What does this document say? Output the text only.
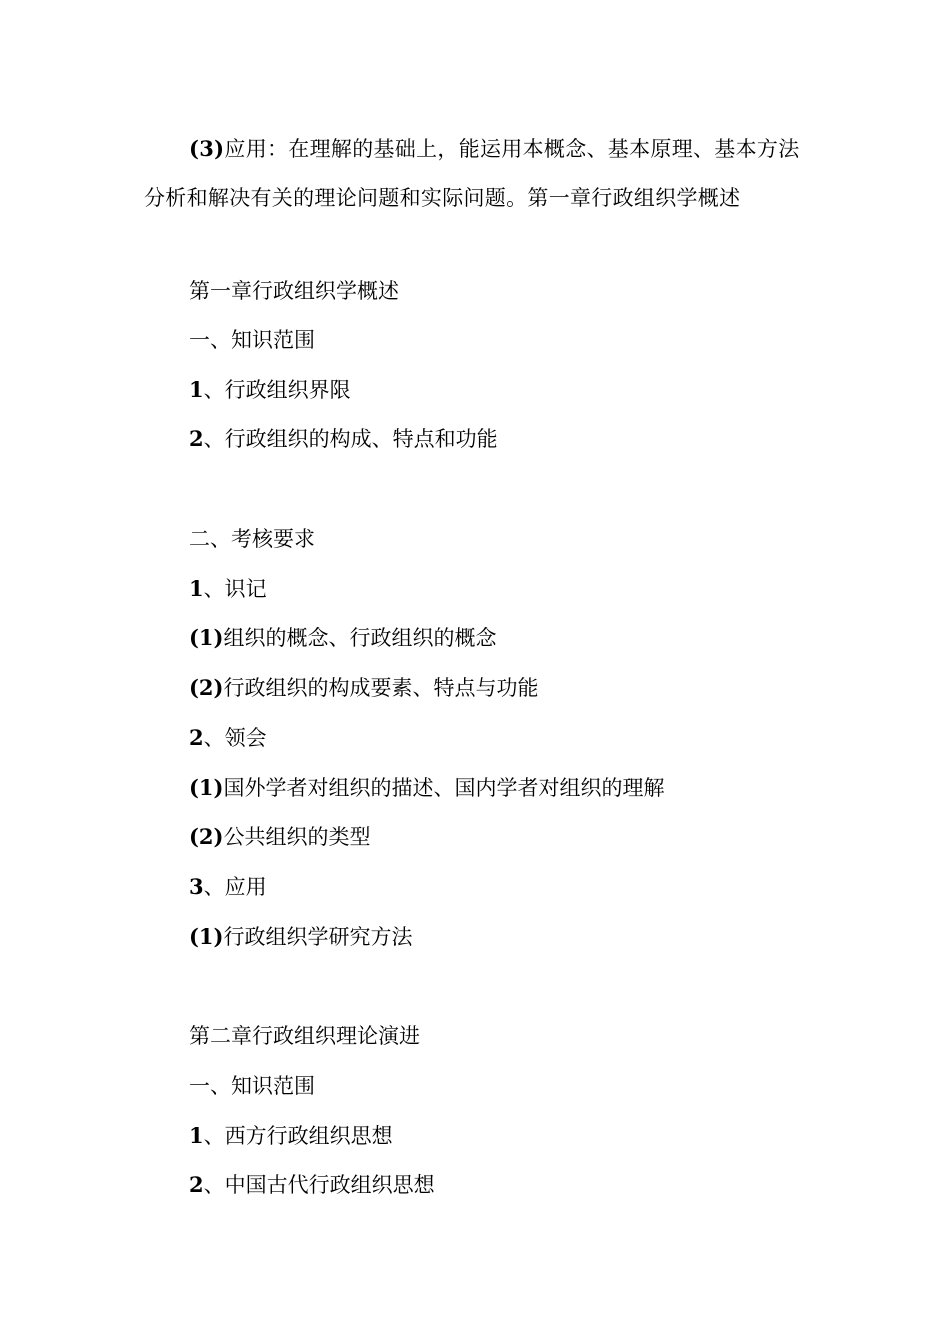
(3)应用：在理解的基础上，能运用本概念、基本原理、基本方法分析和解决有关的理论问题和实际问题。第一章行政组织学概述

第一章行政组织学概述

一、知识范围

1、行政组织界限

2、行政组织的构成、特点和功能

二、考核要求

1、识记

(1)组织的概念、行政组织的概念

(2)行政组织的构成要素、特点与功能

2、领会

(1)国外学者对组织的描述、国内学者对组织的理解

(2)公共组织的类型

3、应用

(1)行政组织学研究方法

第二章行政组织理论演进

一、知识范围

1、西方行政组织思想

2、中国古代行政组织思想
